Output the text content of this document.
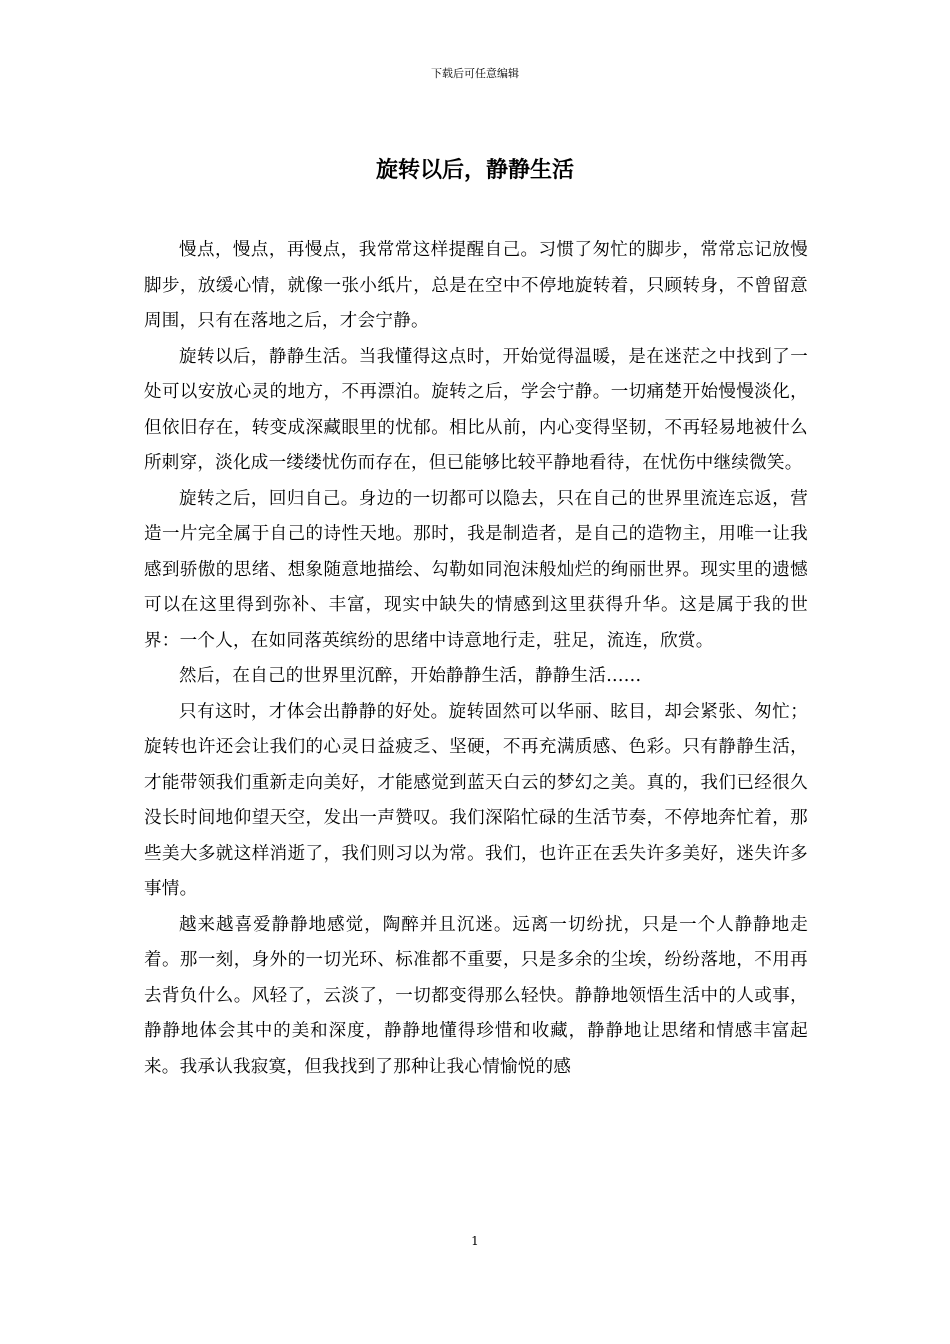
下载后可任意编辑
旋转以后，静静生活

慢点，慢点，再慢点，我常常这样提醒自己。习惯了匆忙的脚步，常常忘记放慢脚步，放缓心情，就像一张小纸片，总是在空中不停地旋转着，只顾转身，不曾留意周围，只有在落地之后，才会宁静。

旋转以后，静静生活。当我懂得这点时，开始觉得温暖，是在迷茫之中找到了一处可以安放心灵的地方，不再漂泊。旋转之后，学会宁静。一切痛楚开始慢慢淡化，但依旧存在，转变成深藏眼里的忧郁。相比从前，内心变得坚韧，不再轻易地被什么所刺穿，淡化成一缕缕忧伤而存在，但已能够比较平静地看待，在忧伤中继续微笑。

旋转之后，回归自己。身边的一切都可以隐去，只在自己的世界里流连忘返，营造一片完全属于自己的诗性天地。那时，我是制造者，是自己的造物主，用唯一让我感到骄傲的思绪、想象随意地描绘、勾勒如同泡沫般灿烂的绚丽世界。现实里的遗憾可以在这里得到弥补、丰富，现实中缺失的情感到这里获得升华。这是属于我的世界：一个人，在如同落英缤纷的思绪中诗意地行走，驻足，流连，欣赏。

然后，在自己的世界里沉醉，开始静静生活，静静生活......

只有这时，才体会出静静的好处。旋转固然可以华丽、眩目，却会紧张、匆忙；旋转也许还会让我们的心灵日益疲乏、坚硬，不再充满质感、色彩。只有静静生活，才能带领我们重新走向美好，才能感觉到蓝天白云的梦幻之美。真的，我们已经很久没长时间地仰望天空，发出一声赞叹。我们深陷忙碌的生活节奏，不停地奔忙着，那些美大多就这样消逝了，我们则习以为常。我们，也许正在丢失许多美好，迷失许多事情。

越来越喜爱静静地感觉，陶醉并且沉迷。远离一切纷扰，只是一个人静静地走着。那一刻，身外的一切光环、标准都不重要，只是多余的尘埃，纷纷落地，不用再去背负什么。风轻了，云淡了，一切都变得那么轻快。静静地领悟生活中的人或事，静静地体会其中的美和深度，静静地懂得珍惜和收藏，静静地让思绪和情感丰富起来。我承认我寂寞，但我找到了那种让我心情愉悦的感

1
